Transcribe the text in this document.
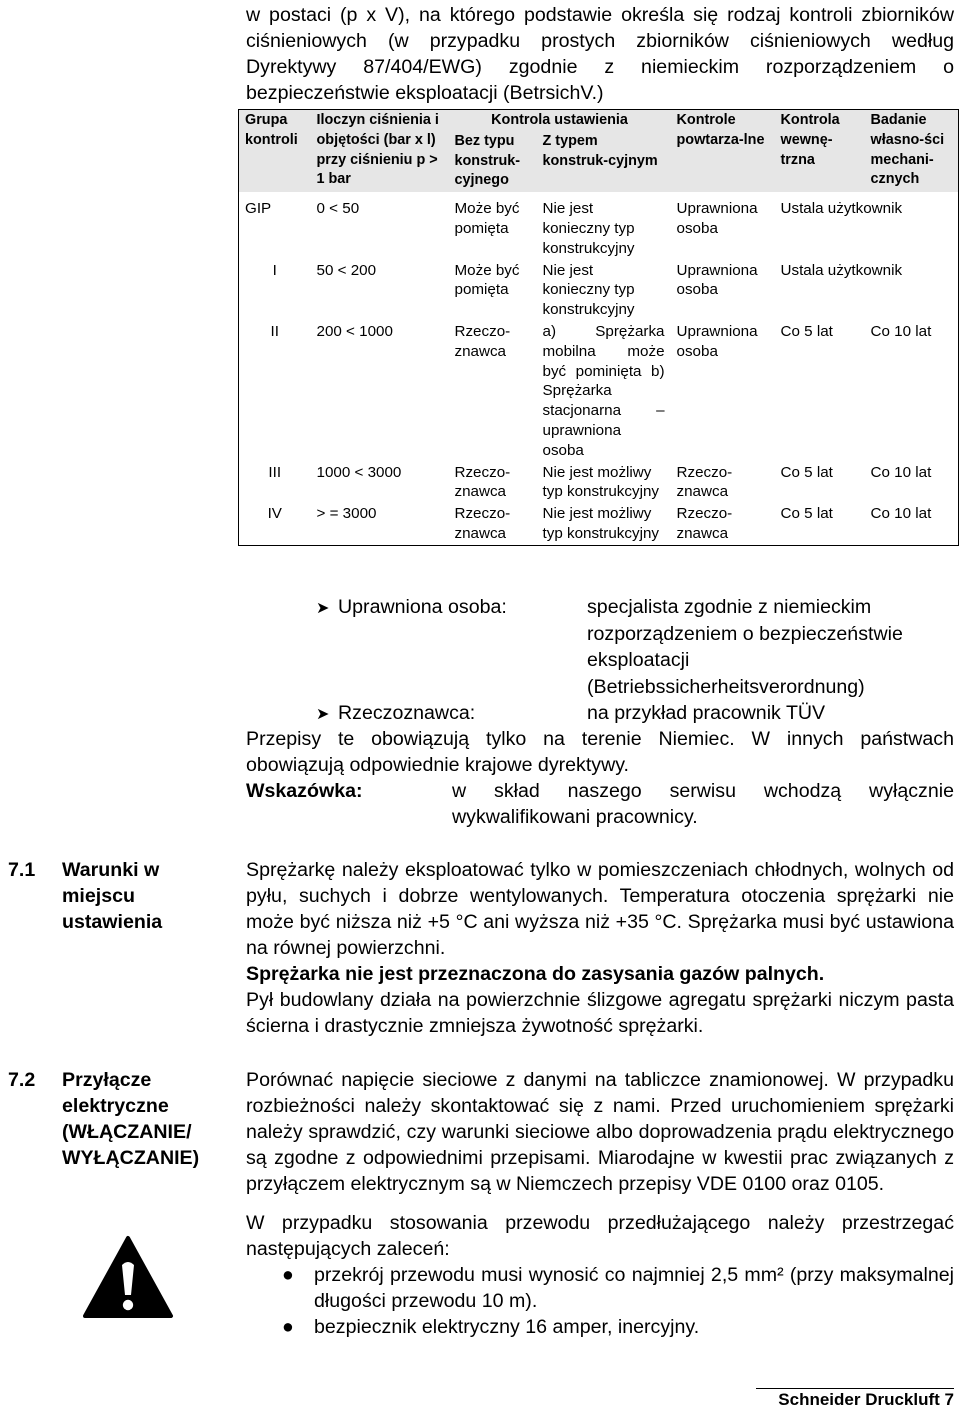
w postaci (p x V), na którego podstawie określa się rodzaj kontroli zbiorników ciśnieniowych (w przypadku prostych zbiorników ciśnieniowych według Dyrektywy 87/404/EWG) zgodnie z niemieckim rozporządzeniem o bezpieczeństwie eksploatacji (BetrsichV.)
Grupa kontroli	Iloczyn ciśnienia i objętości (bar x l) przy ciśnieniu p > 1 bar	Kontrola ustawienia		Kontrole powtarza-lne	Kontrola wewnę-trzna	Badanie własno-ści mechani-cznych
		Bez typu konstruk-cyjnego	Z typem konstruk-cyjnym			
GIP	0 < 50	Może być pomięta	Nie jest konieczny typ konstrukcyjny	Uprawniona osoba	Ustala użytkownik	
I	50 < 200	Może być pomięta	Nie jest konieczny typ konstrukcyjny	Uprawniona osoba	Ustala użytkownik	
II	200 < 1000	Rzeczo-znawca	a) Sprężarka mobilna może być pominięta b) Sprężarka stacjonarna – uprawniona osoba	Uprawniona osoba	Co 5 lat	Co 10 lat
III	1000 < 3000	Rzeczo-znawca	Nie jest możliwy typ konstrukcyjny	Rzeczo-znawca	Co 5 lat	Co 10 lat
IV	> = 3000	Rzeczo-znawca	Nie jest możliwy typ konstrukcyjny	Rzeczo-znawca	Co 5 lat	Co 10 lat
➤ Uprawniona osoba:	specjalista zgodnie z niemieckim rozporządzeniem o bezpieczeństwie eksploatacji (Betriebssicherheitsverordnung)
➤ Rzeczoznawca:	na przykład pracownik TÜV
Przepisy te obowiązują tylko na terenie Niemiec. W innych państwach obowiązują odpowiednie krajowe dyrektywy.
Wskazówka:	w skład naszego serwisu wchodzą wyłącznie wykwalifikowani pracownicy.
7.1 Warunki w miejscu ustawienia
Sprężarkę należy eksploatować tylko w pomieszczeniach chłodnych, wolnych od pyłu, suchych i dobrze wentylowanych. Temperatura otoczenia sprężarki nie może być niższa niż +5 °C ani wyższa niż +35 °C. Sprężarka musi być ustawiona na równej powierzchni.
Sprężarka nie jest przeznaczona do zasysania gazów palnych.
Pył budowlany działa na powierzchnie ślizgowe agregatu sprężarki niczym pasta ścierna i drastycznie zmniejsza żywotność sprężarki.
7.2 Przyłącze elektryczne (WŁĄCZANIE/ WYŁĄCZANIE)
Porównać napięcie sieciowe z danymi na tabliczce znamionowej. W przypadku rozbieżności należy skontaktować się z nami. Przed uruchomieniem sprężarki należy sprawdzić, czy warunki sieciowe albo doprowadzenia prądu elektrycznego są zgodne z odpowiednimi przepisami. Miarodajne w kwestii prac związanych z przyłączem elektrycznym są w Niemczech przepisy VDE 0100 oraz 0105.
W przypadku stosowania przewodu przedłużającego należy przestrzegać następujących zaleceń:
● przekrój przewodu musi wynosić co najmniej 2,5 mm² (przy maksymalnej długości przewodu 10 m).
● bezpiecznik elektryczny 16 amper, inercyjny.
Schneider Druckluft 7
